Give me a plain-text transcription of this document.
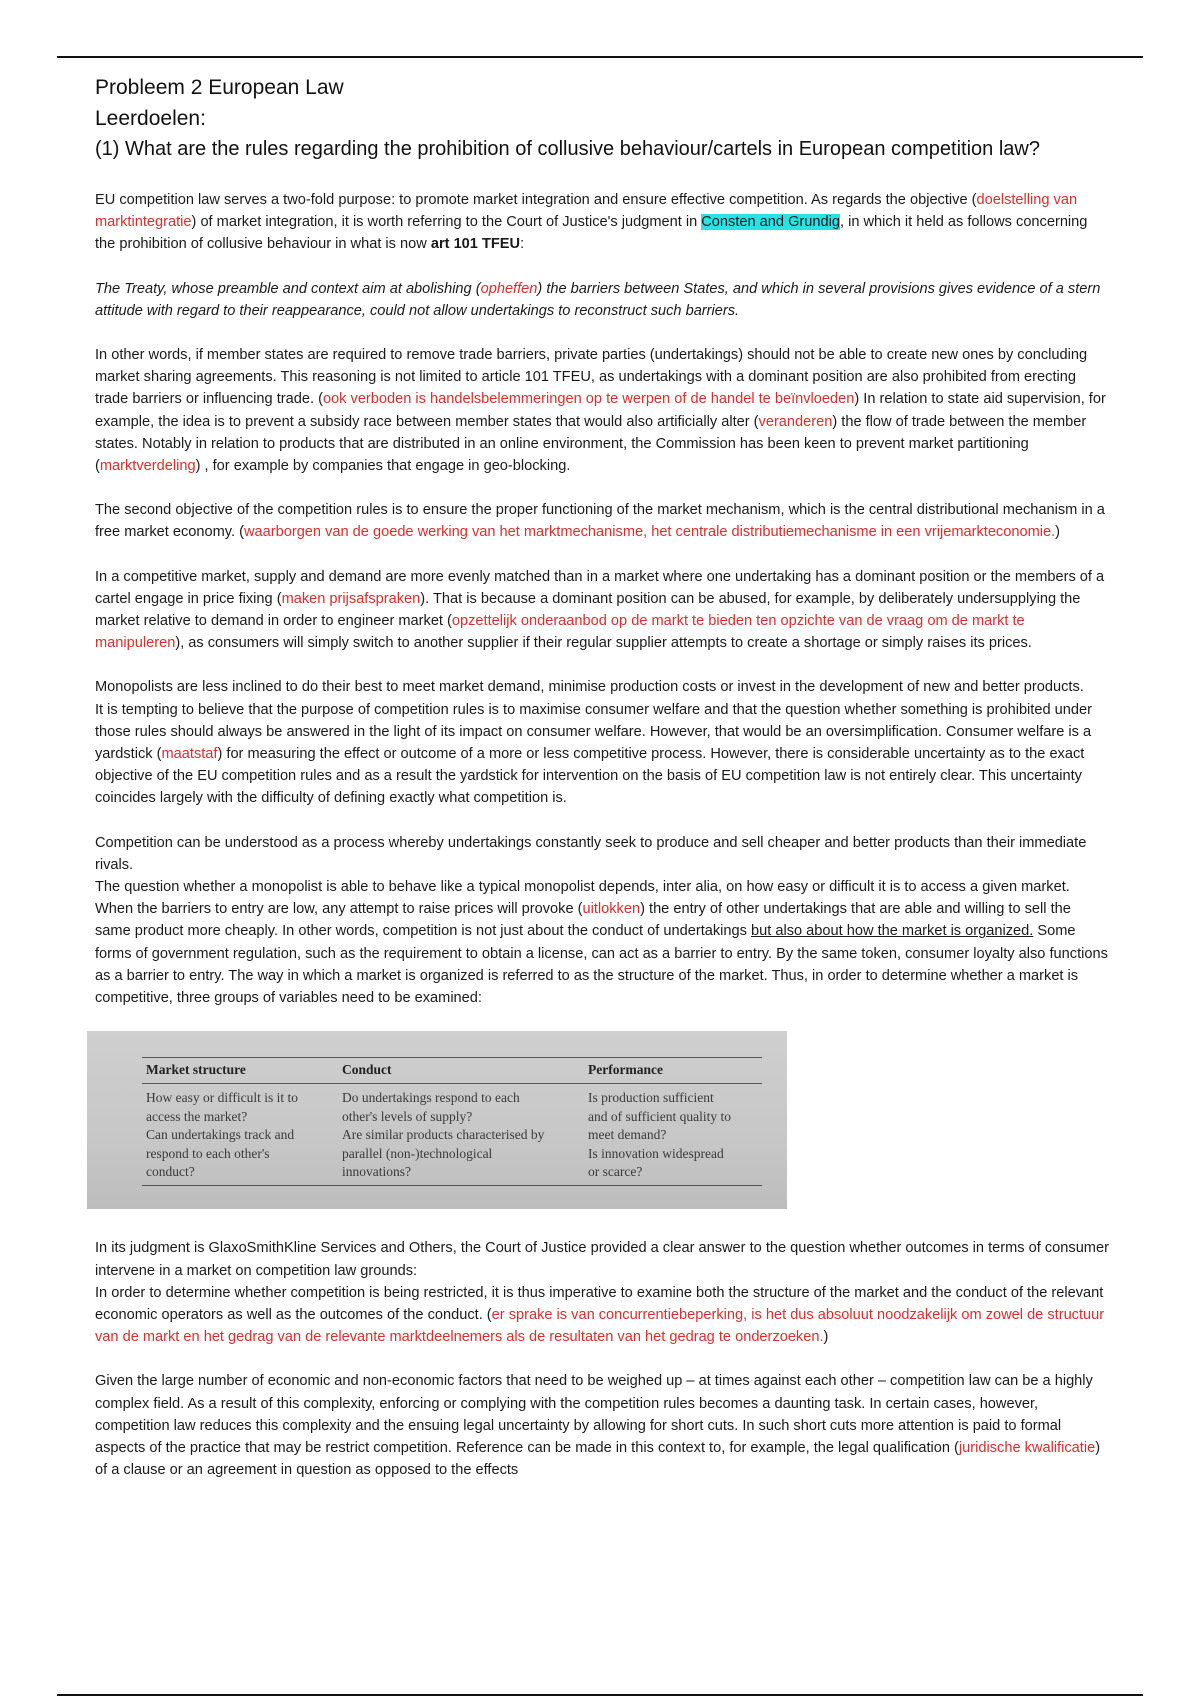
Probleem 2 European Law
Leerdoelen:
(1) What are the rules regarding the prohibition of collusive behaviour/cartels in European competition law?

EU competition law serves a two-fold purpose: to promote market integration and ensure effective competition. As regards the objective (doelstelling van marktintegratie) of market integration, it is worth referring to the Court of Justice's judgment in Consten and Grundig, in which it held as follows concerning the prohibition of collusive behaviour in what is now art 101 TFEU:

The Treaty, whose preamble and context aim at abolishing (opheffen) the barriers between States, and which in several provisions gives evidence of a stern attitude with regard to their reappearance, could not allow undertakings to reconstruct such barriers.

In other words, if member states are required to remove trade barriers, private parties (undertakings) should not be able to create new ones by concluding market sharing agreements. This reasoning is not limited to article 101 TFEU, as undertakings with a dominant position are also prohibited from erecting trade barriers or influencing trade. (ook verboden is handelsbelemmeringen op te werpen of de handel te beïnvloeden) In relation to state aid supervision, for example, the idea is to prevent a subsidy race between member states that would also artificially alter (veranderen) the flow of trade between the member states. Notably in relation to products that are distributed in an online environment, the Commission has been keen to prevent market partitioning (marktverdeling) , for example by companies that engage in geo-blocking.

The second objective of the competition rules is to ensure the proper functioning of the market mechanism, which is the central distributional mechanism in a free market economy. (waarborgen van de goede werking van het marktmechanisme, het centrale distributiemechanisme in een vrijemarkteconomie.)

In a competitive market, supply and demand are more evenly matched than in a market where one undertaking has a dominant position or the members of a cartel engage in price fixing (maken prijsafspraken). That is because a dominant position can be abused, for example, by deliberately undersupplying the market relative to demand in order to engineer market (opzettelijk onderaanbod op de markt te bieden ten opzichte van de vraag om de markt te manipuleren), as consumers will simply switch to another supplier if their regular supplier attempts to create a shortage or simply raises its prices.

Monopolists are less inclined to do their best to meet market demand, minimise production costs or invest in the development of new and better products.

It is tempting to believe that the purpose of competition rules is to maximise consumer welfare and that the question whether something is prohibited under those rules should always be answered in the light of its impact on consumer welfare. However, that would be an oversimplification. Consumer welfare is a yardstick (maatstaf) for measuring the effect or outcome of a more or less competitive process. However, there is considerable uncertainty as to the exact objective of the EU competition rules and as a result the yardstick for intervention on the basis of EU competition law is not entirely clear. This uncertainty coincides largely with the difficulty of defining exactly what competition is.

Competition can be understood as a process whereby undertakings constantly seek to produce and sell cheaper and better products than their immediate rivals.

The question whether a monopolist is able to behave like a typical monopolist depends, inter alia, on how easy or difficult it is to access a given market. When the barriers to entry are low, any attempt to raise prices will provoke (uitlokken) the entry of other undertakings that are able and willing to sell the same product more cheaply. In other words, competition is not just about the conduct of undertakings but also about how the market is organized. Some forms of government regulation, such as the requirement to obtain a license, can act as a barrier to entry. By the same token, consumer loyalty also functions as a barrier to entry. The way in which a market is organized is referred to as the structure of the market. Thus, in order to determine whether a market is competitive, three groups of variables need to be examined:

Market structure
How easy or difficult is it to
access the market?
Can undertakings track and
respond to each other's
conduct?
Conduct
Do undertakings respond to each
other's levels of supply?
Are similar products characterised by
parallel (non-)technological
innovations?
Performance
Is production sufficient
and of sufficient quality to
meet demand?
Is innovation widespread
or scarce?

In its judgment is GlaxoSmithKline Services and Others, the Court of Justice provided a clear answer to the question whether outcomes in terms of consumer intervene in a market on competition law grounds:

In order to determine whether competition is being restricted, it is thus imperative to examine both the structure of the market and the conduct of the relevant economic operators as well as the outcomes of the conduct. (er sprake is van concurrentiebeperking, is het dus absoluut noodzakelijk om zowel de structuur van de markt en het gedrag van de relevante marktdeelnemers als de resultaten van het gedrag te onderzoeken.)

Given the large number of economic and non-economic factors that need to be weighed up – at times against each other – competition law can be a highly complex field. As a result of this complexity, enforcing or complying with the competition rules becomes a daunting task. In certain cases, however, competition law reduces this complexity and the ensuing legal uncertainty by allowing for short cuts. In such short cuts more attention is paid to formal aspects of the practice that may be restrict competition. Reference can be made in this context to, for example, the legal qualification (juridische kwalificatie) of a clause or an agreement in question as opposed to the effects
